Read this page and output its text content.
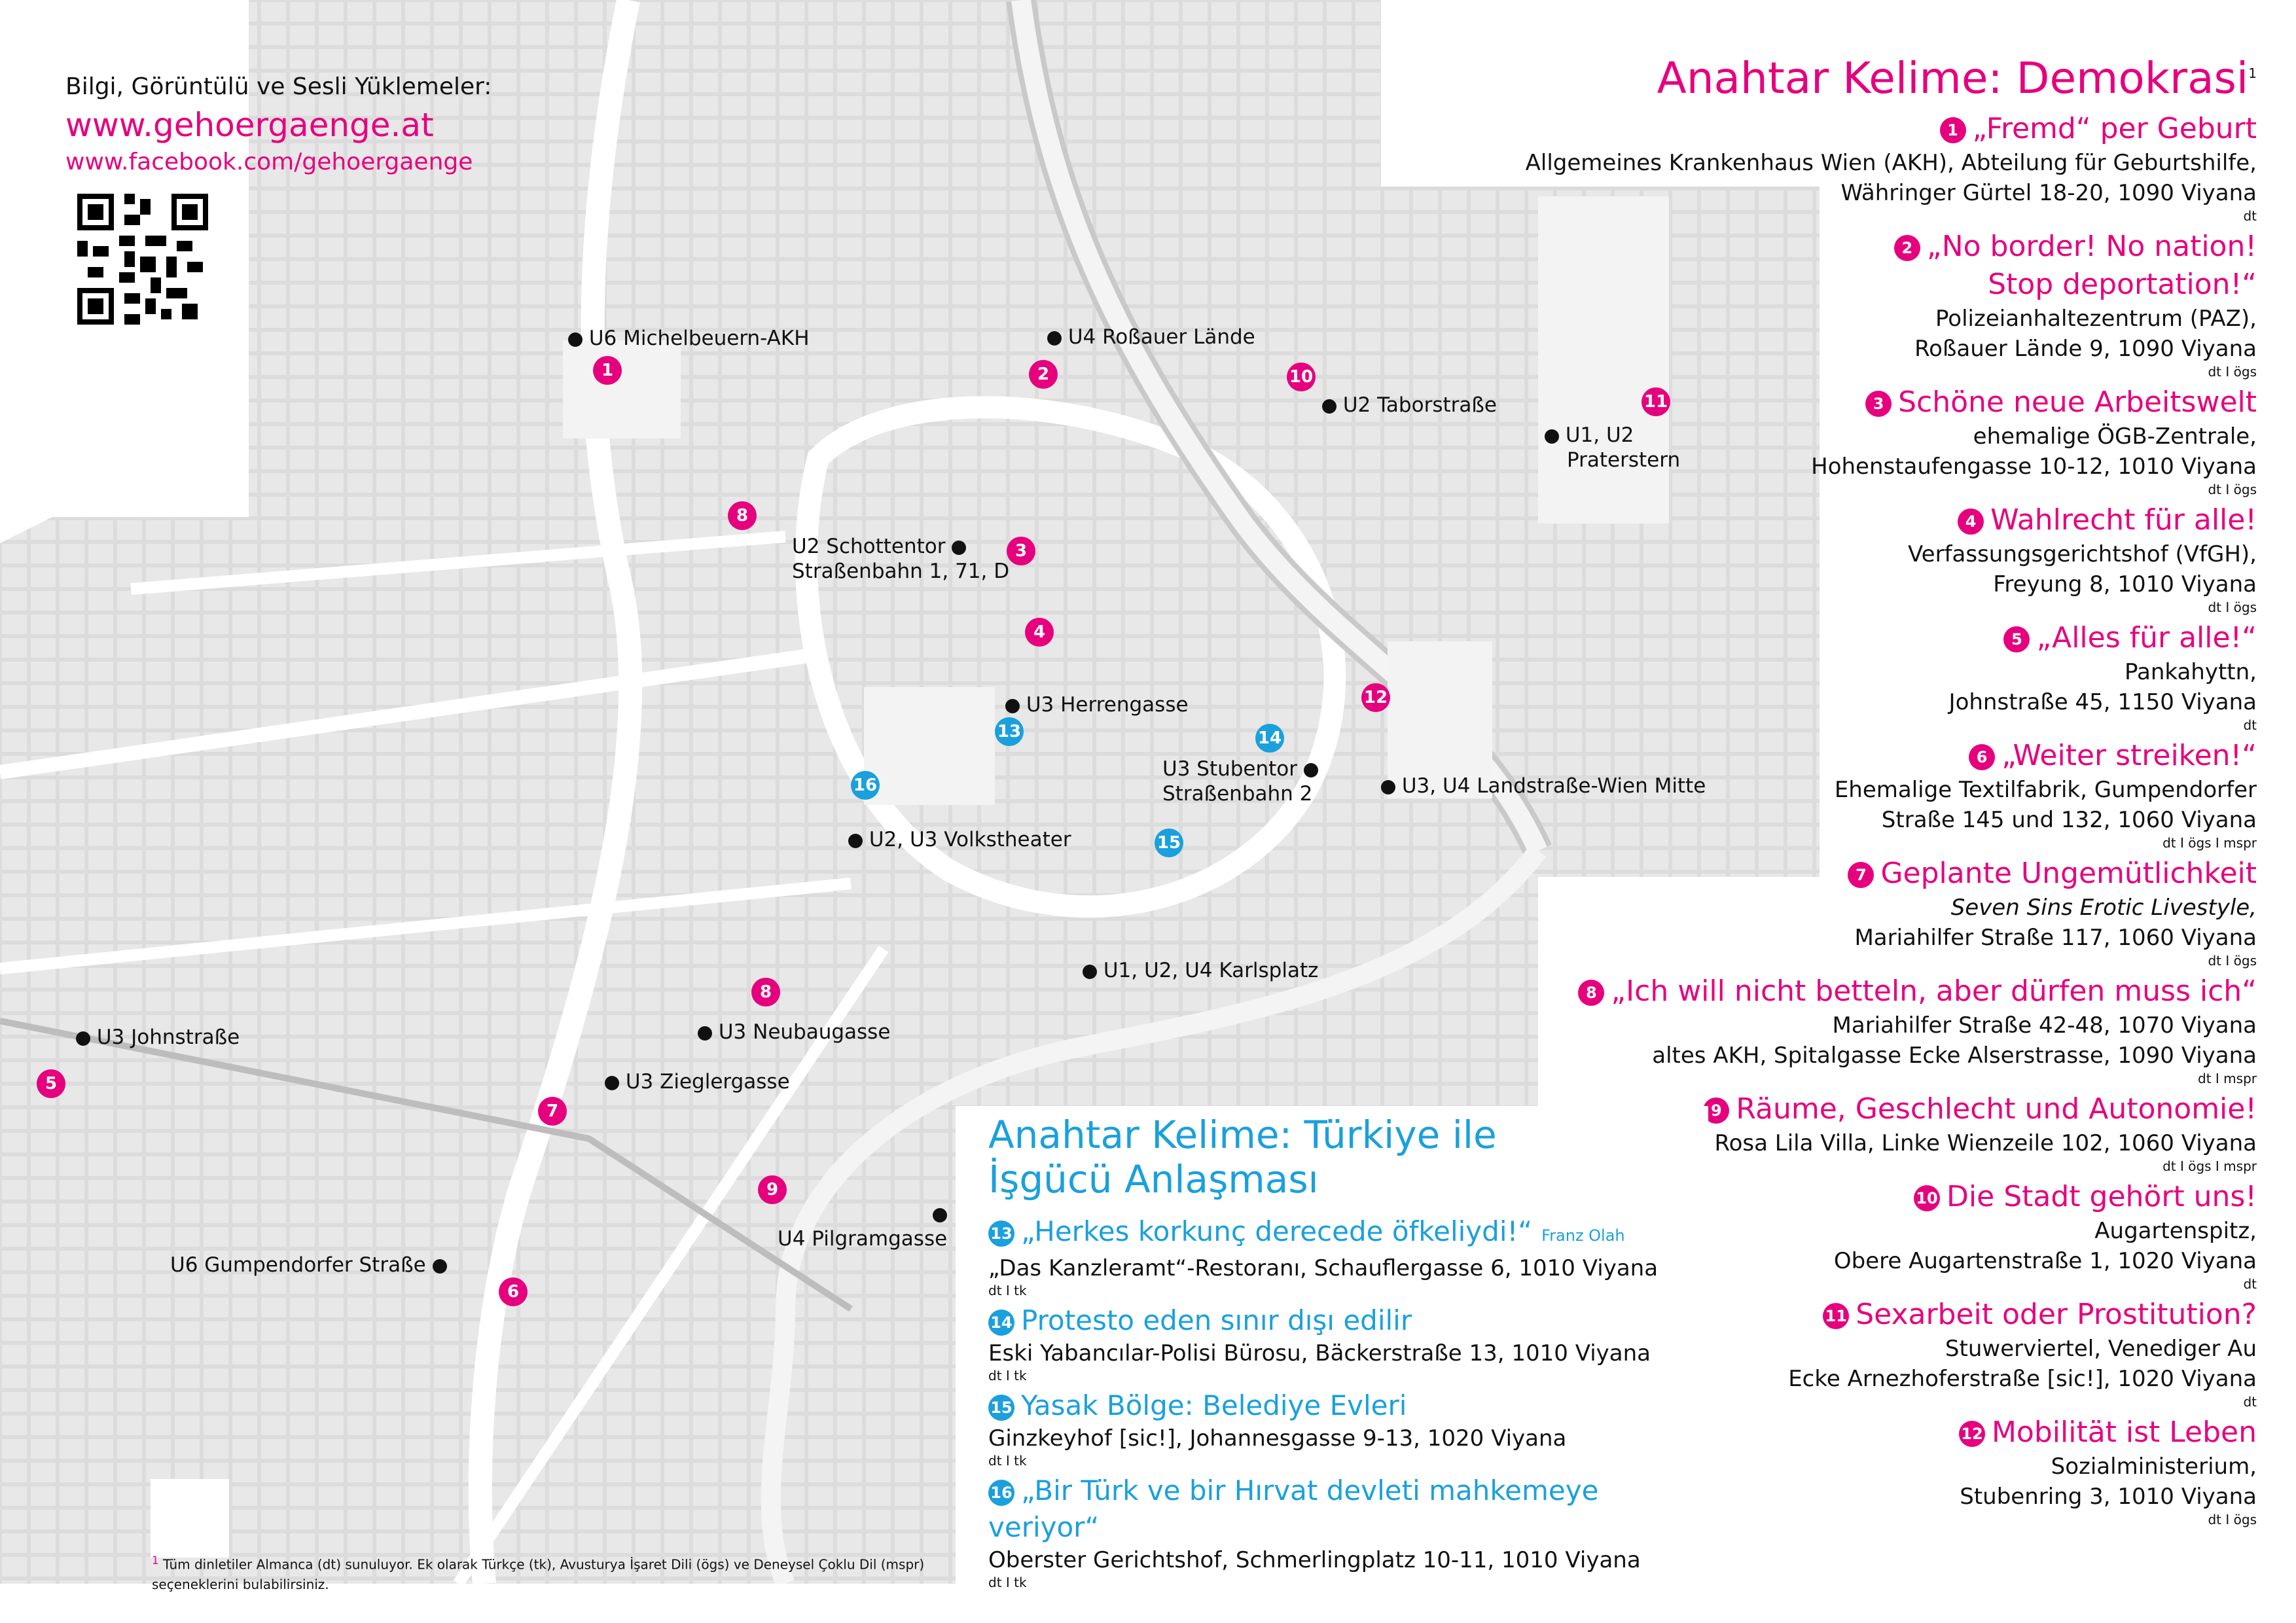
Bilgi, Görüntülü ve Sesli Yüklemeler:
www.gehoergaenge.at
www.facebook.com/gehoergaenge
U6 Michelbeuern-AKH	U4 Roßauer Lände
U2 Taborstraße
U1, U2
Praterstern
U2 Schottentor
Straßenbahn 1, 71, D
U3 Herrengasse
U3 Stubentor
Straßenbahn 2	U3, U4 Landstraße-Wien Mitte
U2, U3 Volkstheater
U1, U2, U4 Karlsplatz
U3 Johnstraße	U3 Neubaugasse
U3 Zieglergasse

U4 Pilgramgasse
U6 Gumpendorfer Straße
1	2	10
11
8
3
4
12
13	14
16
15
8
5
7
9
6
Anahtar Kelime: Demokrasi$^1$
1 „Fremd“ per Geburt
Allgemeines Krankenhaus Wien (AKH), Abteilung für Geburtshilfe,
Währinger Gürtel 18-20, 1090 Viyana
dt
2 „No border! No nation!
Stop deportation!“
Polizeianhaltezentrum (PAZ),
Roßauer Lände 9, 1090 Viyana
dt I ögs
3 Schöne neue Arbeitswelt
ehemalige ÖGB-Zentrale,
Hohenstaufengasse 10-12, 1010 Viyana
dt I ögs
4 Wahlrecht für alle!
Verfassungsgerichtshof (VfGH),
Freyung 8, 1010 Viyana
dt I ögs
5 „Alles für alle!“
Pankahyttn,
Johnstraße 45, 1150 Viyana
dt
6 „Weiter streiken!“
Ehemalige Textilfabrik, Gumpendorfer
Straße 145 und 132, 1060 Viyana
dt I ögs I mspr
7 Geplante Ungemütlichkeit
Seven Sins Erotic Livestyle,
Mariahilfer Straße 117, 1060 Viyana
dt I ögs
8 „Ich will nicht betteln, aber dürfen muss ich“
Mariahilfer Straße 42-48, 1070 Viyana
altes AKH, Spitalgasse Ecke Alserstrasse, 1090 Viyana
dt I mspr
9 Räume, Geschlecht und Autonomie!
Rosa Lila Villa, Linke Wienzeile 102, 1060 Viyana
dt I ögs I mspr
10 Die Stadt gehört uns!
Augartenspitz,
Obere Augartenstraße 1, 1020 Viyana
dt
11 Sexarbeit oder Prostitution?
Stuwerviertel, Venediger Au
Ecke Arnezhoferstraße [sic!], 1020 Viyana
dt
12 Mobilität ist Leben
Sozialministerium,
Stubenring 3, 1010 Viyana
dt I ögs
Anahtar Kelime: Türkiye ile
İşgücü Anlaşması
13 „Herkes korkunç derecede öfkeliydi!“ Franz Olah
„Das Kanzleramt“-Restoranı, Schauflergasse 6, 1010 Viyana
dt I tk
14 Protesto eden sınır dışı edilir
Eski Yabancılar-Polisi Bürosu, Bäckerstraße 13, 1010 Viyana
dt I tk
15 Yasak Bölge: Belediye Evleri
Ginzkeyhof [sic!], Johannesgasse 9-13, 1020 Viyana
dt I tk
16 „Bir Türk ve bir Hırvat devleti mahkemeye veriyor“
Oberster Gerichtshof, Schmerlingplatz 10-11, 1010 Viyana
dt I tk
$^1$ Tüm dinletiler Almanca (dt) sunuluyor. Ek olarak Türkçe (tk), Avusturya İşaret Dili (ögs) ve Deneysel Çoklu Dil (mspr) seçeneklerini bulabilirsiniz.
